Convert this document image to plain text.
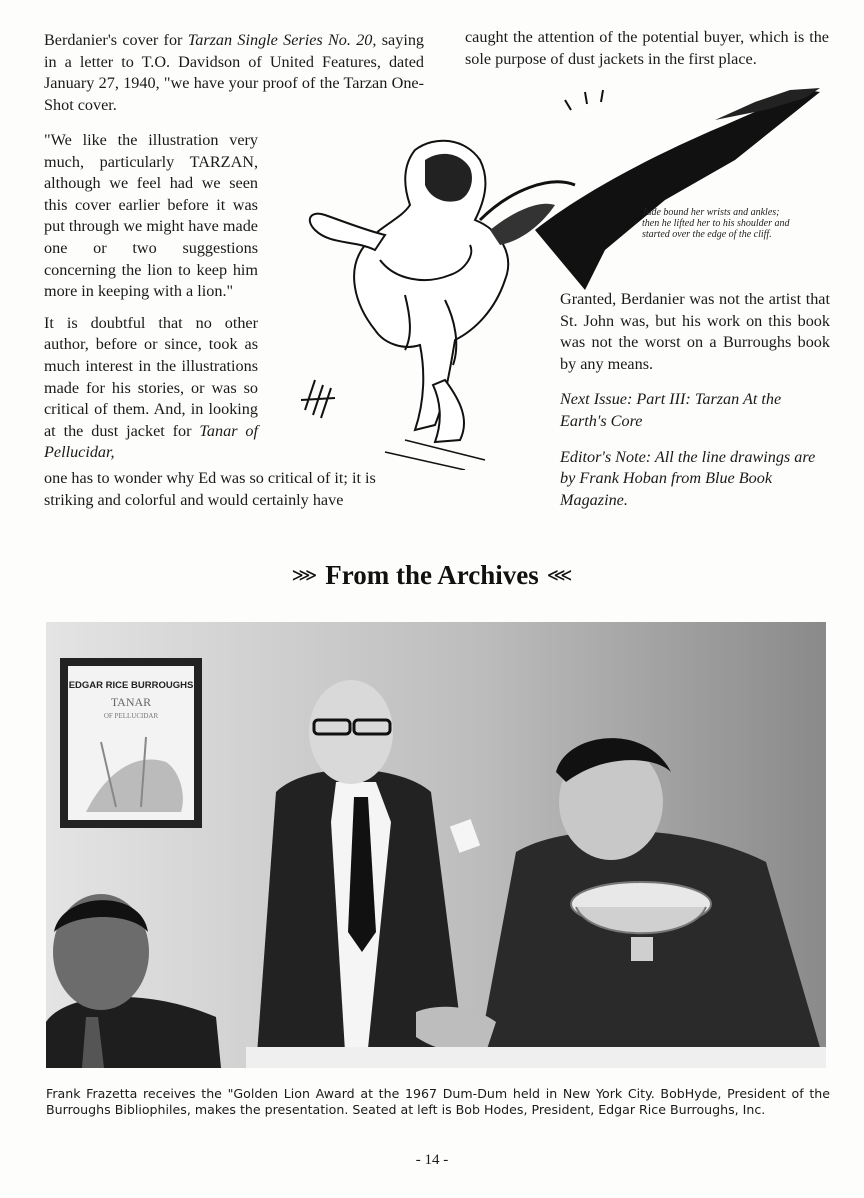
Berdanier's cover for Tarzan Single Series No. 20, saying in a letter to T.O. Davidson of United Features, dated January 27, 1940, "we have your proof of the Tarzan One-Shot cover.

"We like the illustration very much, particularly TARZAN, although we feel had we seen this cover earlier before it was put through we might have made one or two suggestions concerning the lion to keep him more in keeping with a lion."

It is doubtful that no other author, before or since, took as much interest in the illustrations made for his stories, or was so critical of them. And, in looking at the dust jacket for Tanar of Pellucidar,

one has to wonder why Ed was so critical of it; it is striking and colorful and would certainly have

caught the attention of the potential buyer, which is the sole purpose of dust jackets in the first place.

Jude bound her wrists and ankles; then he lifted her to his shoulder and started over the edge of the cliff.

Granted, Berdanier was not the artist that St. John was, but his work on this book was not the worst on a Burroughs book by any means.

Next Issue: Part III: Tarzan At the Earth's Core

Editor's Note: All the line drawings are by Frank Hoban from Blue Book Magazine.

⋙ From the Archives ⋘
EDGAR RICE BURROUGHS
TANAR
OF PELLUCIDAR
Frank Frazetta receives the "Golden Lion Award at the 1967 Dum-Dum held in New York City. BobHyde, President of the Burroughs Bibliophiles, makes the presentation. Seated at left is Bob Hodes, President, Edgar Rice Burroughs, Inc.
- 14 -
